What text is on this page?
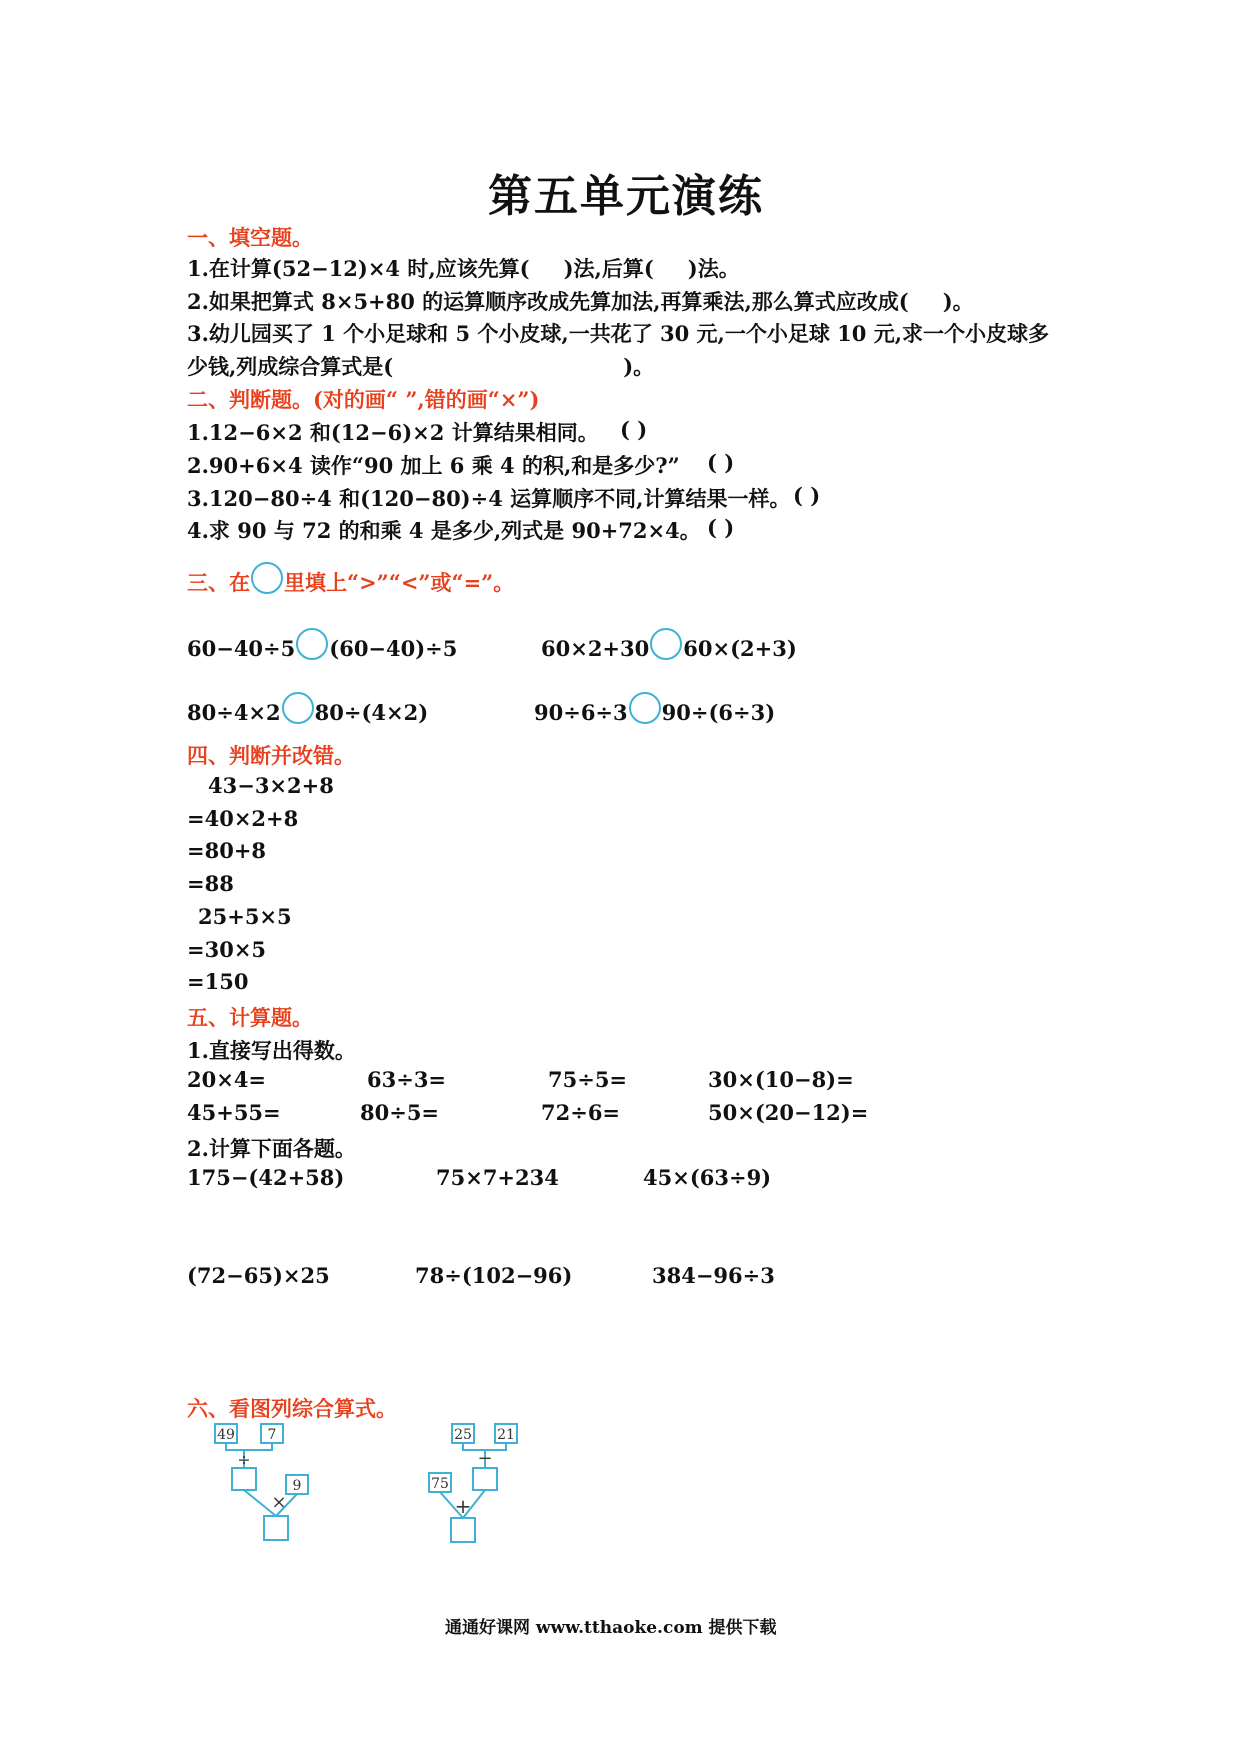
第五单元演练
一、填空题。
1.在计算(52−12)×4 时,应该先算( )法,后算( )法。
2.如果把算式 8×5+80 的运算顺序改成先算加法,再算乘法,那么算式应改成( )。
3.幼儿园买了 1 个小足球和 5 个小皮球,一共花了 30 元,一个小足球 10 元,求一个小皮球多
少钱,列成综合算式是(	)。
二、判断题。(对的画“ ”,错的画“×”)
1.12−6×2 和(12−6)×2 计算结果相同。 ( )
2.90+6×4 读作“90 加上 6 乘 4 的积,和是多少?” ( )
3.120−80÷4 和(120−80)÷4 运算顺序不同,计算结果一样。 ( )
4.求 90 与 72 的和乘 4 是多少,列式是 90+72×4。 ( )
三、在 里填上“>”“<”或“=”。
60−40÷5 (60−40)÷5	60×2+30 60×(2+3)
80÷4×2 80÷(4×2)	90÷6÷3 90÷(6÷3)
四、判断并改错。
43−3×2+8
=40×2+8
=80+8
=88
25+5×5
=30×5
=150
五、计算题。
1.直接写出得数。
20×4=	63÷3=	75÷5=	30×(10−8)=
45+55=	80÷5=	72÷6=	50×(20−12)=
2.计算下面各题。
175−(42+58)	75×7+234	45×(63÷9)
(72−65)×25	78÷(102−96)	384−96÷3
六、看图列综合算式。
49 7
9
÷
×
25 21
75
−
+
通通好课网 www.tthaoke.com 提供下载
